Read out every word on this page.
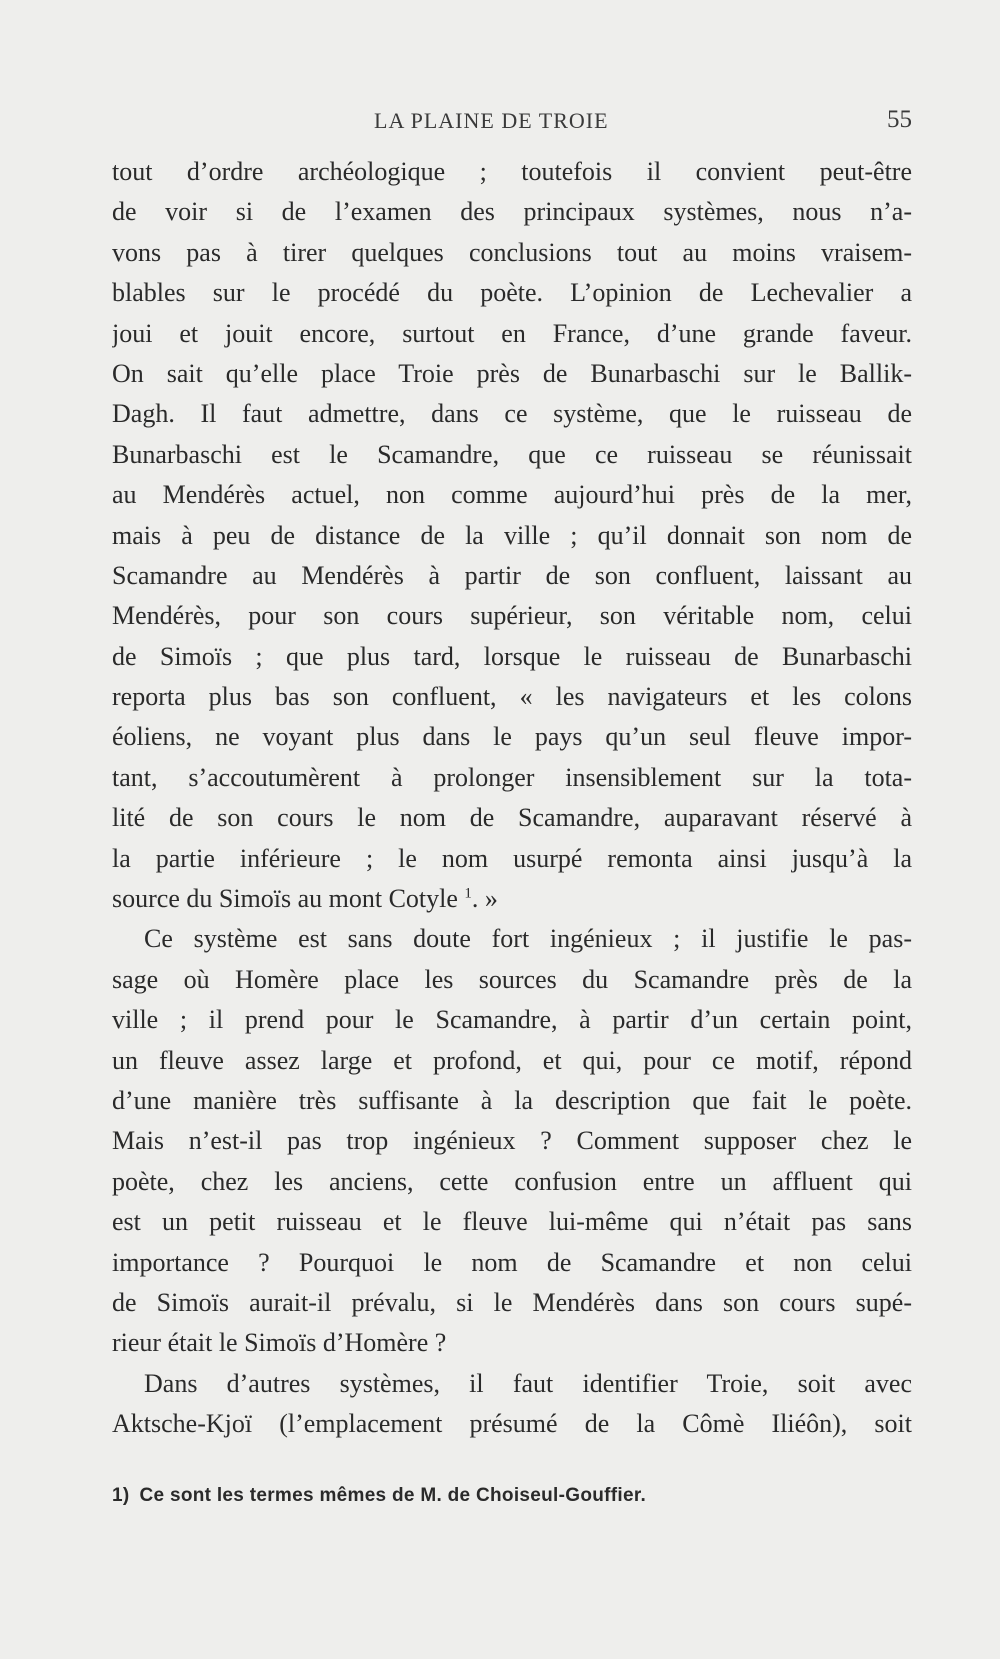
LA PLAINE DE TROIE	55
tout d’ordre archéologique ; toutefois il convient peut-être
de voir si de l’examen des principaux systèmes, nous n’a-
vons pas à tirer quelques conclusions tout au moins vraisem-
blables sur le procédé du poète. L’opinion de Lechevalier a
joui et jouit encore, surtout en France, d’une grande faveur.
On sait qu’elle place Troie près de Bunarbaschi sur le Ballik-
Dagh. Il faut admettre, dans ce système, que le ruisseau de
Bunarbaschi est le Scamandre, que ce ruisseau se réunissait
au Mendérès actuel, non comme aujourd’hui près de la mer,
mais à peu de distance de la ville ; qu’il donnait son nom de
Scamandre au Mendérès à partir de son confluent, laissant au
Mendérès, pour son cours supérieur, son véritable nom, celui
de Simoïs ; que plus tard, lorsque le ruisseau de Bunarbaschi
reporta plus bas son confluent, « les navigateurs et les colons
éoliens, ne voyant plus dans le pays qu’un seul fleuve impor-
tant, s’accoutumèrent à prolonger insensiblement sur la tota-
lité de son cours le nom de Scamandre, auparavant réservé à
la partie inférieure ; le nom usurpé remonta ainsi jusqu’à la
source du Simoïs au mont Cotyle $^1$. »
Ce système est sans doute fort ingénieux ; il justifie le pas-
sage où Homère place les sources du Scamandre près de la
ville ; il prend pour le Scamandre, à partir d’un certain point,
un fleuve assez large et profond, et qui, pour ce motif, répond
d’une manière très suffisante à la description que fait le poète.
Mais n’est-il pas trop ingénieux ? Comment supposer chez le
poète, chez les anciens, cette confusion entre un affluent qui
est un petit ruisseau et le fleuve lui-même qui n’était pas sans
importance ? Pourquoi le nom de Scamandre et non celui
de Simoïs aurait-il prévalu, si le Mendérès dans son cours supé-
rieur était le Simoïs d’Homère ?
Dans d’autres systèmes, il faut identifier Troie, soit avec
Aktsche-Kjoï (l’emplacement présumé de la Cômè Iliéôn), soit
1) Ce sont les termes mêmes de M. de Choiseul-Gouffier.
